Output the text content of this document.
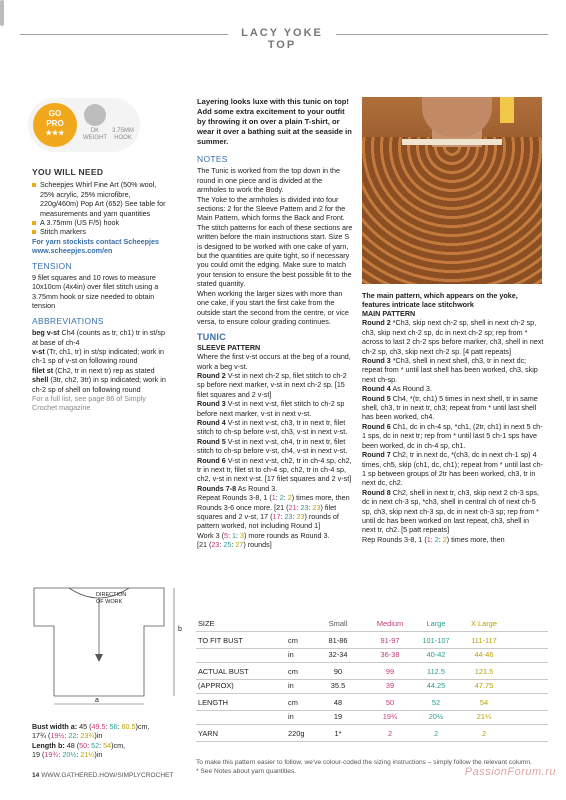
LACY YOKE TOP
GO
PRO
★★★	DK WEIGHT
3.75MM HOOK
YOU WILL NEED
Scheepjes Whirl Fine Art (50% wool, 25% acrylic, 25% microfibre, 220g/460m) Pop Art (652) See table for measurements and yarn quantities
A 3.75mm (US F/5) hook
Stitch markers
For yarn stockists contact Scheepjes www.scheepjes.com/en
TENSION
9 filet squares and 10 rows to measure 10x10cm (4x4in) over filet stitch using a 3.75mm hook or size needed to obtain tension
ABBREVIATIONS
beg v-st Ch4 (counts as tr, ch1) tr in st/sp at base of ch-4
v-st (Tr, ch1, tr) in st/sp indicated; work in ch-1 sp of v-st on following round
filet st (Ch2, tr in next tr) rep as stated
shell (3tr, ch2, 3tr) in sp indicated; work in ch-2 sp of shell on following round
For a full list, see page 86 of Simply Crochet magazine
Layering looks luxe with this tunic on top! Add some extra excitement to your outfit by throwing it on over a plain T-shirt, or wear it over a bathing suit at the seaside in summer.
NOTES
The Tunic is worked from the top down in the round in one piece and is divided at the armholes to work the Body.
The Yoke to the armholes is divided into four sections: 2 for the Sleeve Pattern and 2 for the Main Pattern, which forms the Back and Front. The stitch patterns for each of these sections are written before the main instructions start. Size S is designed to be worked with one cake of yarn, but the quantities are quite tight, so if necessary you could omit the edging. Make sure to match your tension to ensure the best possible fit to the stated quantity.
When working the larger sizes with more than one cake, if you start the first cake from the outside start the second from the centre, or vice versa, to ensure colour grading continues.
TUNIC
SLEEVE PATTERN
Where the first v-st occurs at the beg of a round, work a beg v-st.
Round 2 V-st in next ch-2 sp, filet stitch to ch-2 sp before next marker, v-st in next ch-2 sp. [15 filet squares and 2 v-st]
Round 3 V-st in next v-st, filet stitch to ch-2 sp before next marker, v-st in next v-st.
Round 4 V-st in next v-st, ch3, tr in next tr, filet stitch to ch-sp before v-st, ch3, v-st in next v-st.
Round 5 V-st in next v-st, ch4, tr in next tr, filet stitch to ch-sp before v-st, ch4, v-st in next v-st.
Round 6 V-st in next v-st, ch2, tr in ch-4 sp, ch2, tr in next tr, filet st to ch-4 sp, ch2, tr in ch-4 sp, ch2, v-st in next v-st. [17 filet squares and 2 v-st]
Rounds 7-8 As Round 3.
Repeat Rounds 3-8, 1 (1: 2: 2) times more, then Rounds 3-6 once more. [21 (21: 23: 23) filet squares and 2 v-st, 17 (17: 23: 23) rounds of pattern worked, not including Round 1]
Work 3 (5: 1: 3) more rounds as Round 3.
[21 (23: 25: 27) rounds]
The main pattern, which appears on the yoke, features intricate lace stitchwork
MAIN PATTERN
Round 2 *Ch3, skip next ch-2 sp, shell in next ch-2 sp, ch3, skip next ch-2 sp, dc in next ch-2 sp; rep from * across to last 2 ch-2 sps before marker, ch3, shell in next ch-2 sp, ch3, skip next ch-2 sp. [4 patt repeats]
Round 3 *Ch3, shell in next shell, ch3, tr in next dc; repeat from * until last shell has been worked, ch3, skip next ch-sp.
Round 4 As Round 3.
Round 5 Ch4, *(tr, ch1) 5 times in next shell, tr in same shell, ch3, tr in next tr, ch3; repeat from * until last shell has been worked, ch4.
Round 6 Ch1, dc in ch-4 sp, *ch1, (2tr, ch1) in next 5 ch-1 sps, dc in next tr; rep from * until last 5 ch-1 sps have been worked, dc in ch-4 sp, ch1.
Round 7 Ch2, tr in next dc, *(ch3, dc in next ch-1 sp) 4 times, ch5, skip (ch1, dc, ch1); repeat from * until last ch-1 sp between groups of 2tr has been worked, ch3, tr in next dc, ch2.
Round 8 Ch2, shell in next tr, ch3, skip next 2 ch-3 sps, dc in next ch-3 sp, *ch3, shell in central ch of next ch-5 sp, ch3, skip next ch-3 sp, dc in next ch-3 sp; rep from * until dc has been worked on last repeat, ch3, shell in next tr, ch2. [5 patt repeats]
Rep Rounds 3-8, 1 (1: 2: 2) times more, then
DIRECTION OF WORK
a
b
Bust width a: 45 (49.5: 56: 60.5)cm,
17¾ (19½: 22: 23¾)in
Length b: 48 (50: 52: 54)cm,
19 (19¾: 20½: 21¼)in
SIZE	Small	Medium	Large	X Large
TO FIT BUST	cm	81-86	91-97	101-107	111-117
in	32-34	36-38	40-42	44-46
ACTUAL BUST	cm	90	99	112.5	121.5
(APPROX)	in	35.5	39	44.25	47.75
LENGTH	cm	48	50	52	54
in	19	19¾	20½	21¼
YARN	220g	1*	2	2	2
To make this pattern easier to follow, we've colour-coded the sizing instructions – simply follow the relevant column.
* See Notes about yarn quantities.
14 WWW.GATHERED.HOW/SIMPLYCROCHET	PassionForum.ru
